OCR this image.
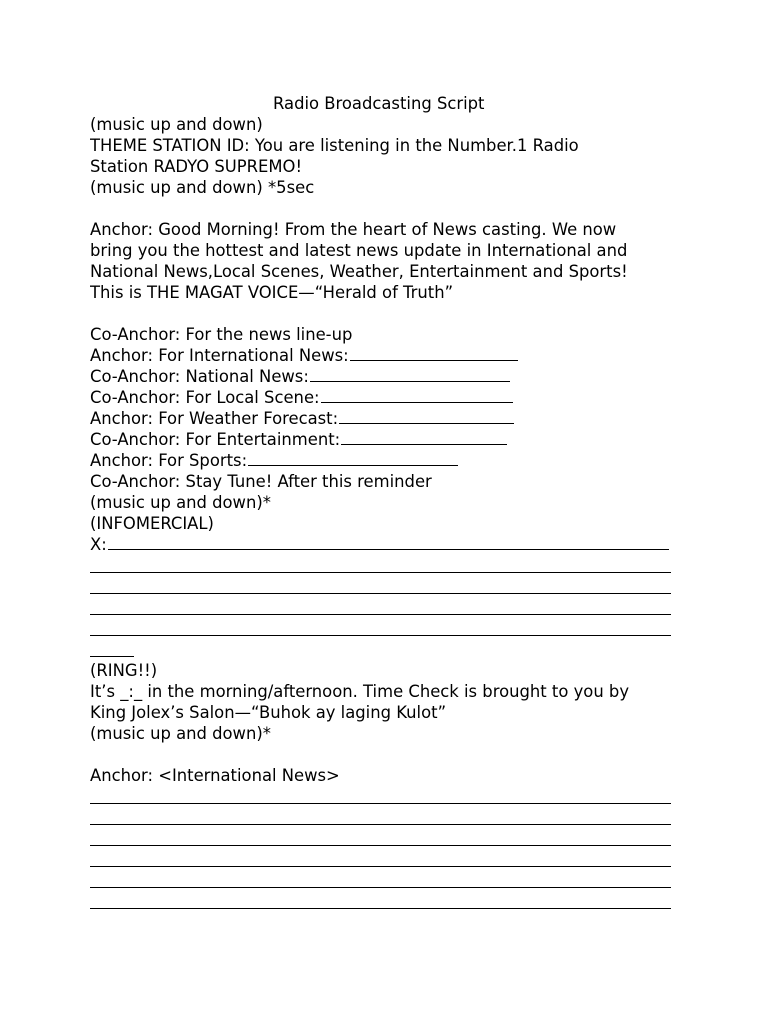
Radio Broadcasting Script
(music up and down)
THEME STATION ID: You are listening in the Number.1 Radio
Station RADYO SUPREMO!
(music up and down) *5sec
Anchor: Good Morning! From the heart of News casting. We now
bring you the hottest and latest news update in International and
National News,Local Scenes, Weather, Entertainment and Sports!
This is THE MAGAT VOICE—“Herald of Truth”
Co-Anchor: For the news line-up
Anchor: For International News:
Co-Anchor: National News:
Co-Anchor: For Local Scene:
Anchor: For Weather Forecast:
Co-Anchor: For Entertainment:
Anchor: For Sports:
Co-Anchor: Stay Tune! After this reminder
(music up and down)*
(INFOMERCIAL)
X:
(RING!!)
It’s _:_ in the morning/afternoon. Time Check is brought to you by
King Jolex’s Salon—“Buhok ay laging Kulot”
(music up and down)*
Anchor: <International News>
